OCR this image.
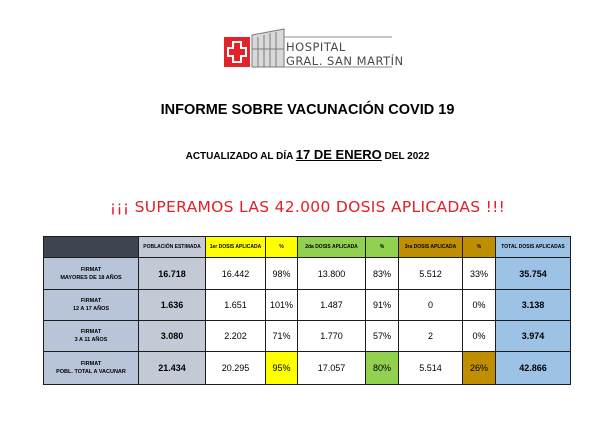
HOSPITAL
GRAL. SAN MARTÍN
INFORME SOBRE VACUNACIÓN COVID 19
ACTUALIZADO AL DÍA 17 DE ENERO DEL 2022
¡¡¡ SUPERAMOS LAS 42.000 DOSIS APLICADAS !!!
	POBLACIÓN ESTIMADA	1er DOSIS APLICADA	%	2da DOSIS APLICADA	%	3ra DOSIS APLICADA	%	TOTAL DOSIS APLICADAS

FIRMAT
MAYORES DE 18 AÑOS	16.718	16.442	98%	13.800	83%	5.512	33%	35.754

FIRMAT
12 A 17 AÑOS	1.636	1.651	101%	1.487	91%	0	0%	3.138

FIRMAT
3 A 11 AÑOS	3.080	2.202	71%	1.770	57%	2	0%	3.974

FIRMAT
POBL. TOTAL A VACUNAR	21.434	20.295	95%	17.057	80%	5.514	26%	42.866
